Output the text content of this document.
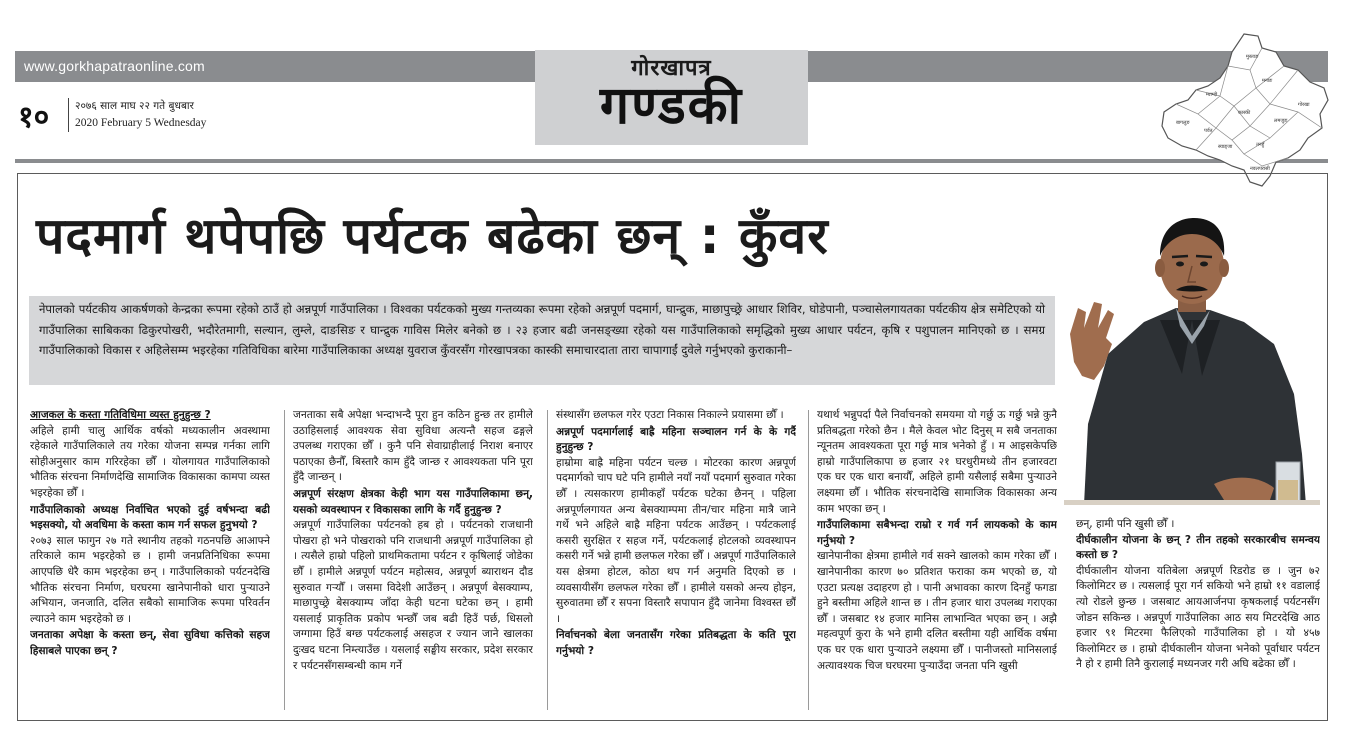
www.gorkhapatraonline.com	गोरखापत्र
गण्डकी
१० २०७६ साल माघ २२ गते बुधबार
2020 February 5 Wednesday
मुस्ताङ
मनाङ
म्याग्दी
कास्की
लमजुङ
गोरखा
बागलुङ
पर्वत
स्याङ्जा	तनहुँ
नवलपरासी
पदमार्ग थपेपछि पर्यटक बढेका छन् : कुँवर
नेपालको पर्यटकीय आकर्षणको केन्द्रका रूपमा रहेको ठाउँ हो अन्नपूर्ण गाउँपालिका । विश्वका पर्यटकको मुख्य गन्तव्यका रूपमा रहेको अन्नपूर्ण पदमार्ग, घान्द्रुक, माछापुच्छ्रे आधार शिविर, घोडेपानी, पञ्चासेलगायतका पर्यटकीय क्षेत्र समेटिएको यो गाउँपालिका साबिकका ढिकुरपोखरी, भदौरेतमागी, सल्यान, लुम्ले, दाङसिङ र घान्द्रुक गाविस मिलेर बनेको छ । २३ हजार बढी जनसङ्ख्या रहेको यस गाउँपालिकाको समृद्धिको मुख्य आधार पर्यटन, कृषि र पशुपालन मानिएको छ । समग्र गाउँपालिकाको विकास र अहिलेसम्म भइरहेका गतिविधिका बारेमा गाउँपालिकाका अध्यक्ष युवराज कुँवरसँग गोरखापत्रका कास्की समाचारदाता तारा चापागाईं दुवेले गर्नुभएको कुराकानी–
आजकल के कस्ता गतिविधिमा व्यस्त हुनुहुन्छ ?

अहिले हामी चालु आर्थिक वर्षको मध्यकालीन अवस्थामा रहेकाले गाउँपालिकाले तय गरेका योजना सम्पन्न गर्नका लागि सोहीअनुसार काम गरिरहेका छौँ । योलगायत गाउँपालिकाको भौतिक संरचना निर्माणदेखि सामाजिक विकासका कामपा व्यस्त भइरहेका छौँ ।

गाउँपालिकाको अध्यक्ष निर्वाचित भएको दुई वर्षभन्दा बढी भइसक्यो, यो अवधिमा के कस्ता काम गर्न सफल हुनुभयो ?

२०७३ साल फागुन २७ गते स्थानीय तहको गठनपछि आआफ्ने तरिकाले काम भइरहेको छ । हामी जनप्रतिनिधिका रूपमा आएपछि धेरै काम भइरहेका छन् । गाउँपालिकाको पर्यटनदेखि भौतिक संरचना निर्माण, घरघरमा खानेपानीको धारा पुऱ्याउने अभियान, जनजाति, दलित सबैको सामाजिक रूपमा परिवर्तन ल्याउने काम भइरहेको छ ।

जनताका अपेक्षा के कस्ता छन्, सेवा सुविधा कत्तिको सहज हिसाबले पाएका छन् ?

जनताका सबै अपेक्षा भन्दाभन्दै पूरा हुन कठिन हुन्छ तर हामीले उठाहिसलाई आवश्यक सेवा सुविधा अत्यन्तै सहज ढङ्गले उपलब्ध गराएका छौँ । कुनै पनि सेवाग्राहीलाई निराश बनाएर पठाएका छैनौँ, बिस्तारै काम हुँदै जान्छ र आवश्यकता पनि पूरा हुँदै जान्छन् ।

अन्नपूर्ण संरक्षण क्षेत्रका केही भाग यस गाउँपालिकामा छन्, यसको व्यवस्थापन र विकासका लागि के गर्दै हुनुहुन्छ ?

अन्नपूर्ण गाउँपालिका पर्यटनको हब हो । पर्यटनको राजधानी पोखरा हो भने पोखराको पनि राजधानी अन्नपूर्ण गाउँपालिका हो । त्यसैले हाम्रो पहिलो प्राथमिकतामा पर्यटन र कृषिलाई जोडेका छौँ । हामीले अन्नपूर्ण पर्यटन महोत्सव, अन्नपूर्ण ब्याराथन दौड सुरुवात गऱ्यौँ । जसमा विदेशी आउँछन् । अन्नपूर्ण बेसक्याम्प, माछापुच्छ्रे बेसक्याम्प जाँदा केही घटना घटेका छन् । हामी यसलाई प्राकृतिक प्रकोप भन्छौँ जब बढी हिउँ पर्छ, धिसलो जग्गामा हिउँ बग्छ पर्यटकलाई असहज र ज्यान जाने खालका दुःखद घटना निम्त्याउँछ । यसलाई सङ्घीय सरकार, प्रदेश सरकार र पर्यटनसँगसम्बन्धी काम गर्ने

संस्थासँग छलफल गरेर एउटा निकास निकाल्ने प्रयासमा छौँ ।

अन्नपूर्ण पदमार्गलाई बाह्रै महिना सञ्चालन गर्न के के गर्दै हुनुहुन्छ ?

हाम्रोमा बाह्रै महिना पर्यटन चल्छ । मोटरका कारण अन्नपूर्ण पदमार्गको चाप घटे पनि हामीले नयाँ नयाँ पदमार्ग सुरुवात गरेका छौँ । त्यसकारण हामीकहाँ पर्यटक घटेका छैनन् । पहिला अन्नपूर्णलगायत अन्य बेसक्याम्पमा तीन/चार महिना मात्रै जाने गर्थे भने अहिले बाह्रै महिना पर्यटक आउँछन् । पर्यटकलाई कसरी सुरक्षित र सहज गर्ने, पर्यटकलाई होटलको व्यवस्थापन कसरी गर्ने भन्ने हामी छलफल गरेका छौँ । अन्नपूर्ण गाउँपालिकाले यस क्षेत्रमा होटल, कोठा थप गर्न अनुमति दिएको छ । व्यवसायीसँग छलफल गरेका छौँ । हामीले यसको अन्त्य होइन, सुरुवातमा छौँ र सपना विस्तारै सपापान हुँदै जानेमा विश्वस्त छौँ ।

निर्वाचनको बेला जनतासँग गरेका प्रतिबद्धता के कति पूरा गर्नुभयो ?

यथार्थ भन्नुपर्दा पैले निर्वाचनको समयमा यो गर्छु ऊ गर्छु भन्ने कुनै प्रतिबद्धता गरेको छैन । मैले केवल भोट दिनुस् म सबै जनताका न्यूनतम आवश्यकता पूरा गर्छु मात्र भनेको हुँ । म आइसकेपछि हाम्रो गाउँपालिकापा छ हजार २१ घरधुरीमध्ये तीन हजारवटा एक घर एक धारा बनायौँ, अहिले हामी यसैलाई सबैमा पुऱ्याउने लक्ष्यमा छौँ । भौतिक संरचनादेखि सामाजिक विकासका अन्य काम भएका छन् ।

गाउँपालिकामा सबैभन्दा राम्रो र गर्व गर्न लायकको के काम गर्नुभयो ?

खानेपानीका क्षेत्रमा हामीले गर्व सक्ने खालको काम गरेका छौँ । खानेपानीका कारण ७० प्रतिशत फराका कम भएको छ, यो एउटा प्रत्यक्ष उदाहरण हो । पानी अभावका कारण दिनहुँ फगडा हुने बस्तीमा अहिले शान्त छ । तीन हजार धारा उपलब्ध गराएका छौँ । जसबाट १४ हजार मानिस लाभान्वित भएका छन् । अझै महत्वपूर्ण कुरा के भने हामी दलित बस्तीमा यही आर्थिक वर्षमा एक घर एक धारा पुऱ्याउने लक्ष्यमा छौँ । पानीजस्तो मानिसलाई अत्यावश्यक चिज घरघरमा पुऱ्याउँदा जनता पनि खुसी

छन्, हामी पनि खुसी छौँ ।

दीर्घकालीन योजना के छन् ? तीन तहको सरकारबीच समन्वय कस्तो छ ?

दीर्घकालीन योजना यतिबेला अन्नपूर्ण रिडरोड छ । जुन ७२ किलोमिटर छ । त्यसलाई पूरा गर्न सकियो भने हाम्रो ११ वडालाई त्यो रोडले छुन्छ । जसबाट आयआर्जनपा कृषकलाई पर्यटनसँग जोडन सकिन्छ । अन्नपूर्ण गाउँपालिका आठ सय मिटरदेखि आठ हजार ९१ मिटरमा फैलिएको गाउँपालिका हो । यो ४५७ किलोमिटर छ । हाम्रो दीर्घकालीन योजना भनेको पूर्वाधार पर्यटन नै हो र हामी तिनै कुरालाई मध्यनजर गरी अघि बढेका छौँ ।
